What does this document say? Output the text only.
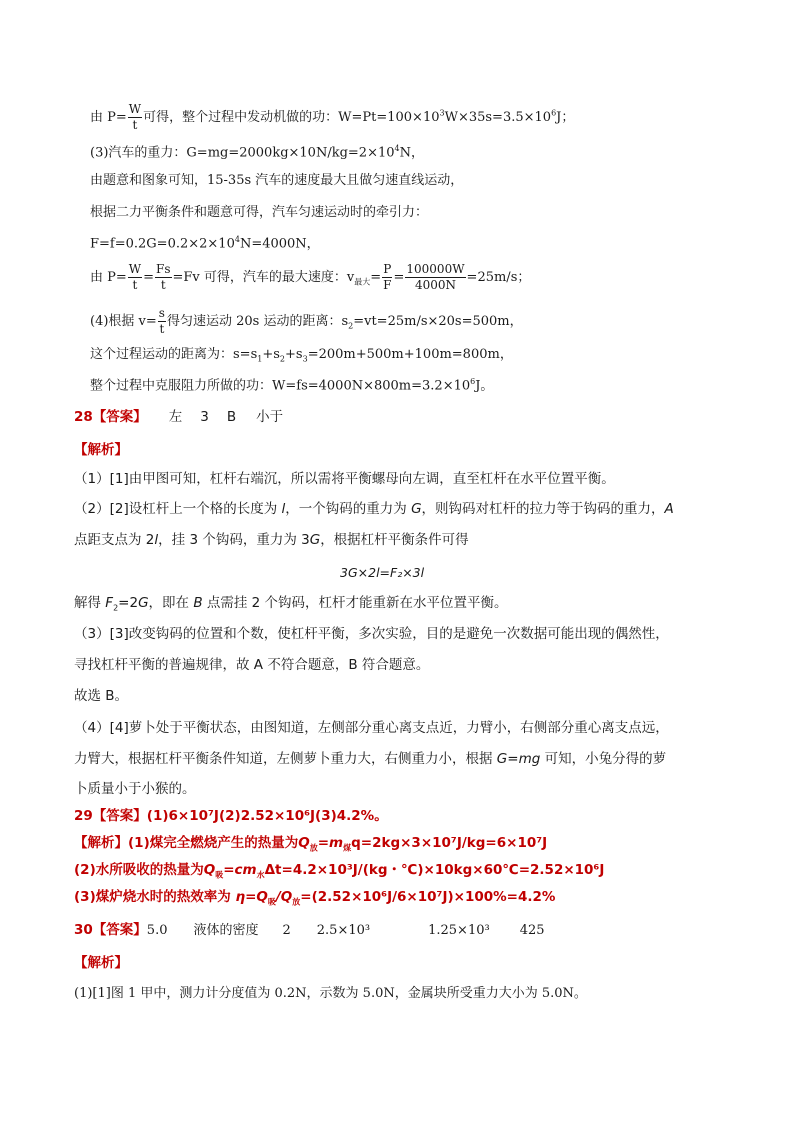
由 $P= \frac{W}{t}$ 可得，整个过程中发动机做的功：$W=Pt=100\times 10^3W\times 35s=3.5\times 10^6J$；
(3)汽车的重力：$G=mg=2000kg\times 10N/kg=2\times 10^4N$，
由题意和图象可知，15-35s 汽车的速度最大且做匀速直线运动，
根据二力平衡条件和题意可得，汽车匀速运动时的牵引力：
$F=f=0.2G=0.2\times 2\times 10^4N=4000N$，
由 $P= \frac{W}{t} = \frac{Fs}{t} =Fv$ 可得，汽车的最大速度：$v_{最大}= \frac{P}{F} = \frac{100000W}{4000N} =25m/s$；
(4)根据 $v= \frac{s}{t}$ 得匀速运动 20s 运动的距离：$s_2=vt=25m/s\times 20s=500m$，
这个过程运动的距离为：$s=s_1+s_2+s_3=200m+500m+100m=800m$，
整个过程中克服阻力所做的功：$W=fs=4000N\times 800m=3.2\times 10^6J$。
28【答案】 左 3 B 小于
【解析】
（1）[1]由甲图可知，杠杆右端沉，所以需将平衡螺母向左调，直至杠杆在水平位置平衡。
（2）[2]设杠杆上一个格的长度为 l，一个钩码的重力为 G，则钩码对杠杆的拉力等于钩码的重力，A
点距支点为 2l，挂 3 个钩码，重力为 3G，根据杠杆平衡条件可得
3G×2l=F₂×3l
解得 $F_2=2G$，即在 B 点需挂 2 个钩码，杠杆才能重新在水平位置平衡。
（3）[3]改变钩码的位置和个数，使杠杆平衡，多次实验，目的是避免一次数据可能出现的偶然性，
寻找杠杆平衡的普遍规律，故 A 不符合题意，B 符合题意。
故选 B。
（4）[4]萝卜处于平衡状态，由图知道，左侧部分重心离支点近，力臂小，右侧部分重心离支点远，
力臂大，根据杠杆平衡条件知道，左侧萝卜重力大，右侧重力小，根据 G=mg 可知，小兔分得的萝
卜质量小于小猴的。
29【答案】(1)6×10⁷J(2)2.52×10⁶J(3)4.2%。
【解析】(1)煤完全燃烧产生的热量为$Q_放=m_煤q=2kg\times 3\times 10^7J/kg=6\times 10^7J$
(2)水所吸收的热量为$Q_吸=cm_水\Delta t=4.2\times 10^3J/(kg$・℃)×10kg×60℃=2.52×10⁶J
(3)煤炉烧水时的热效率为 $\eta=Q_吸/Q_放=(2.52\times 10^6J/6\times 10^7J)\times 100\%=4.2\%$
30【答案】5.0 液体的密度 2 2.5×10³	1.25×10³ 425
【解析】
(1)[1]图 1 甲中，测力计分度值为 0.2N，示数为 5.0N，金属块所受重力大小为 5.0N。
